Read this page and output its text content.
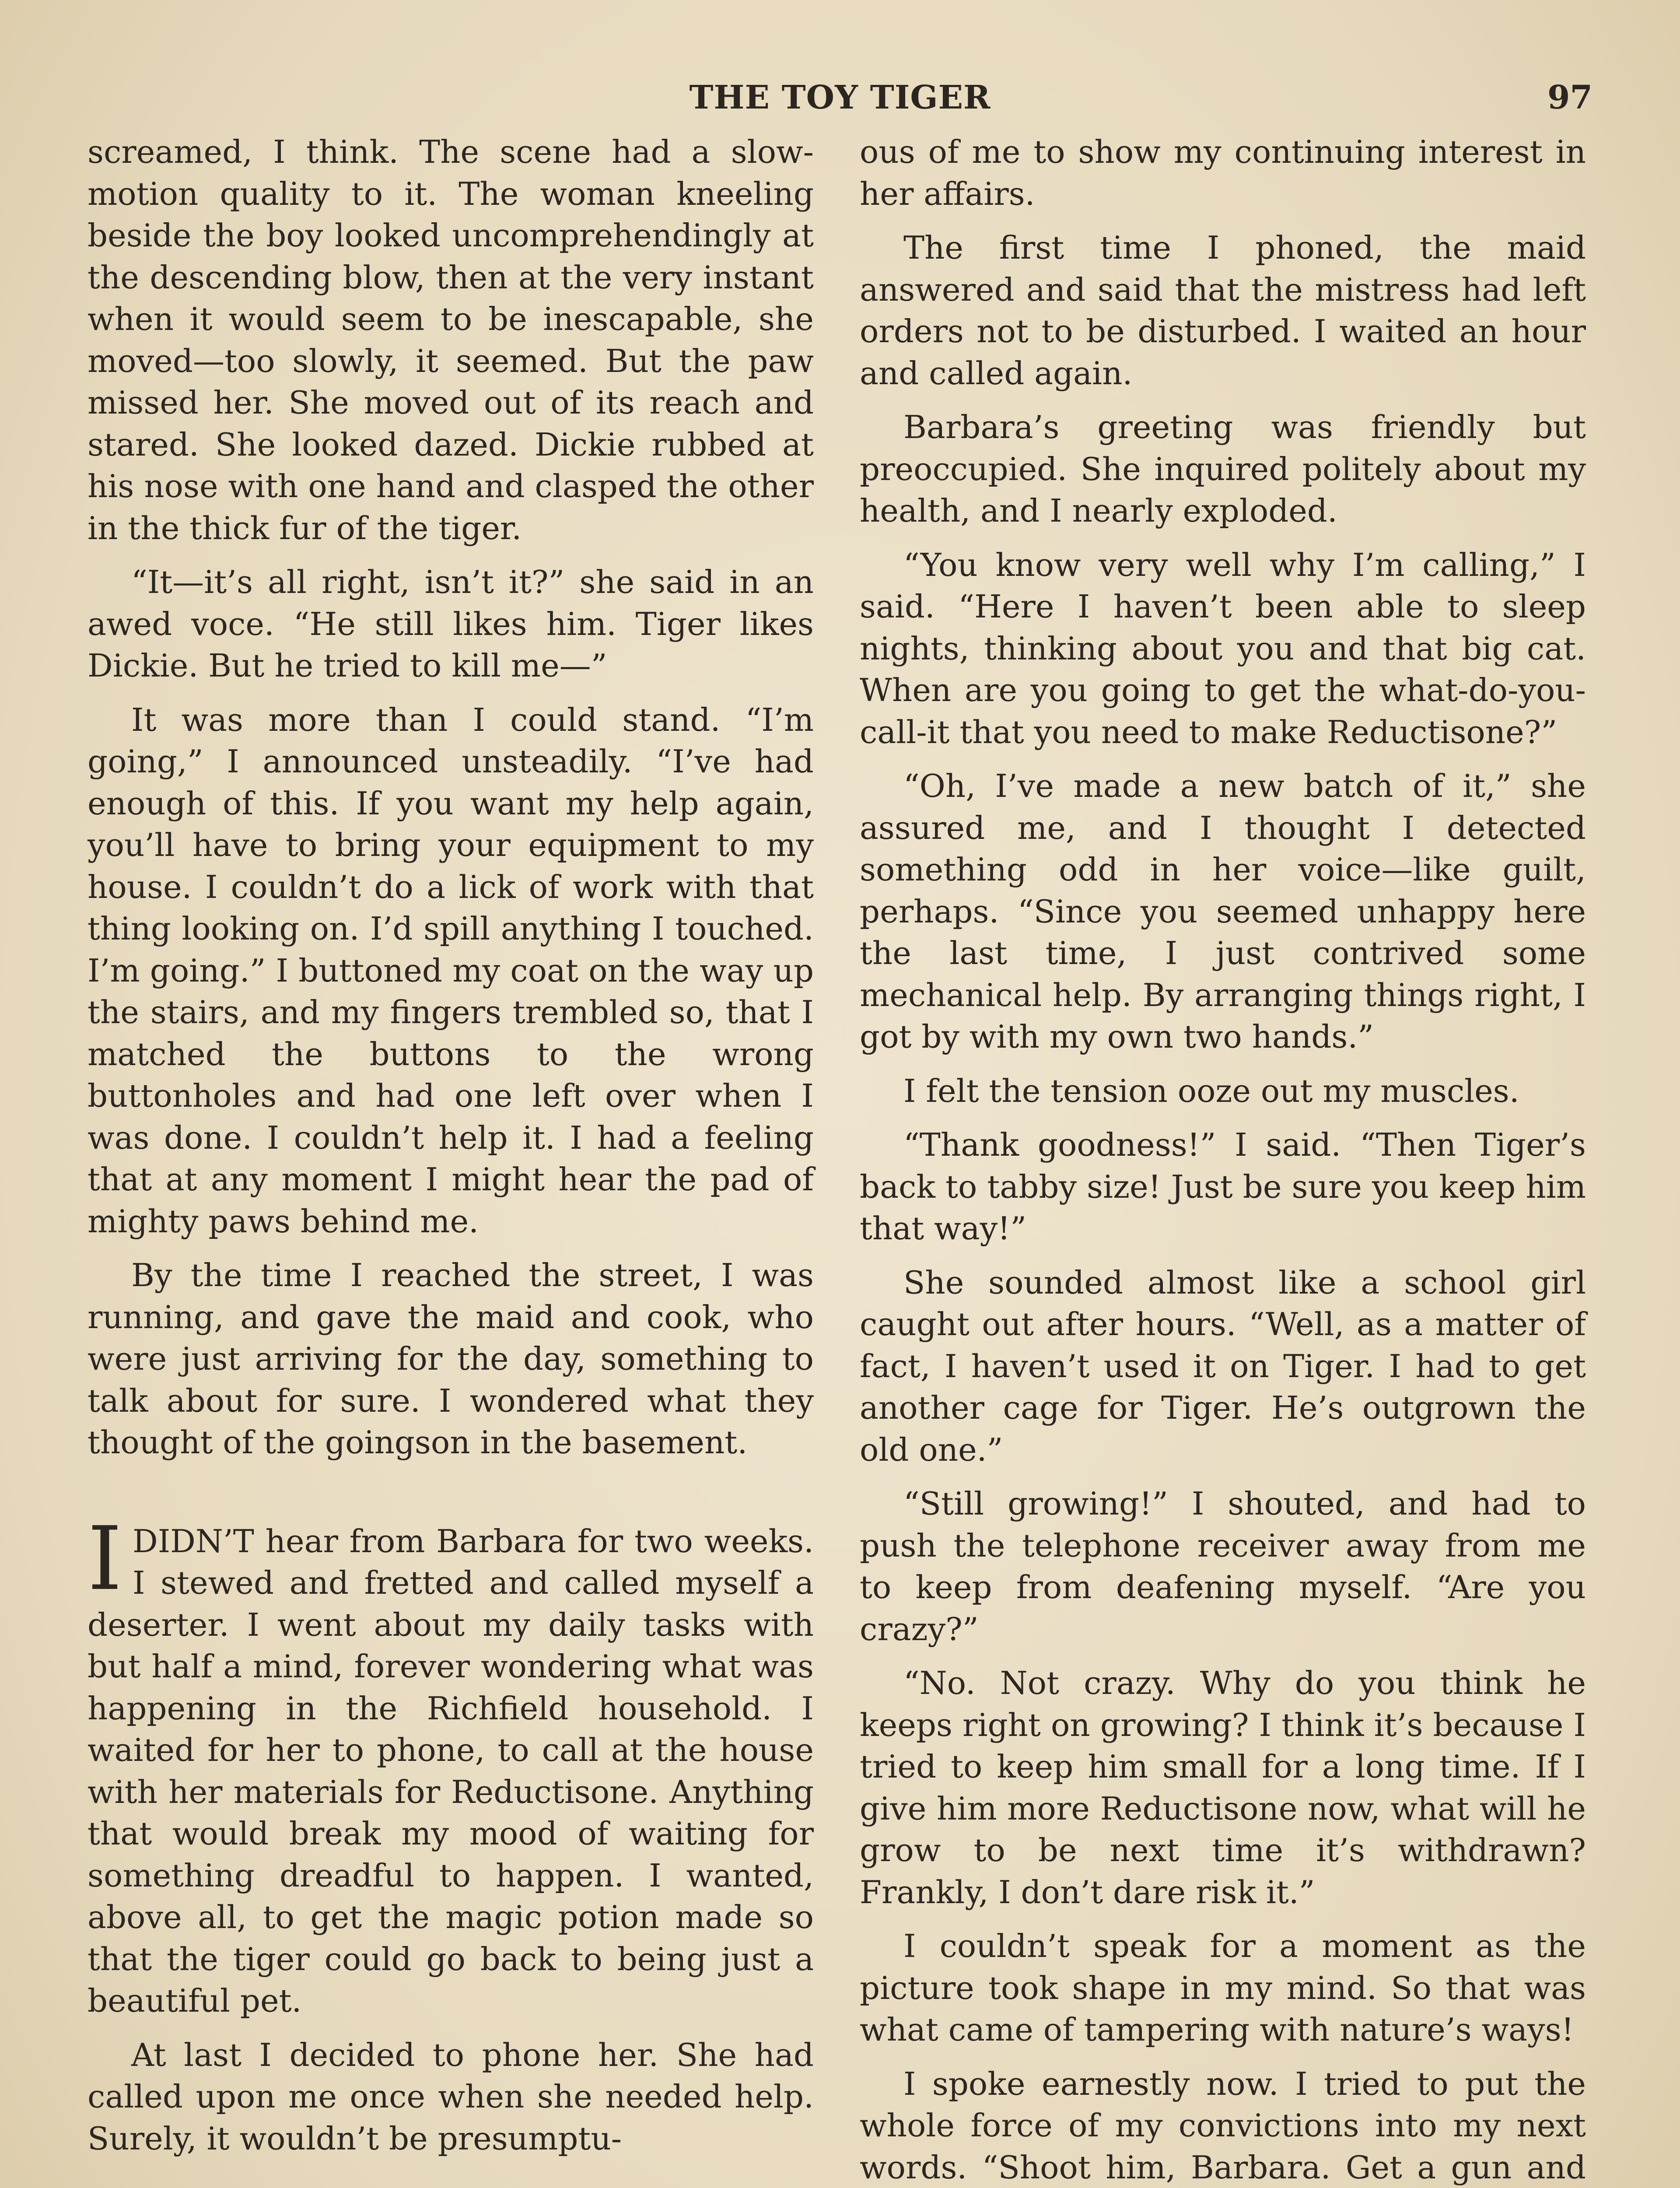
THE TOY TIGER	97

screamed, I think. The scene had a slow-motion quality to it. The woman kneeling beside the boy looked uncomprehendingly at the descending blow, then at the very instant when it would seem to be inescapable, she moved—too slowly, it seemed. But the paw missed her. She moved out of its reach and stared. She looked dazed. Dickie rubbed at his nose with one hand and clasped the other in the thick fur of the tiger.

“It—it’s all right, isn’t it?” she said in an awed voce. “He still likes him. Tiger likes Dickie. But he tried to kill me—”

It was more than I could stand. “I’m going,” I announced unsteadily. “I’ve had enough of this. If you want my help again, you’ll have to bring your equipment to my house. I couldn’t do a lick of work with that thing looking on. I’d spill anything I touched. I’m going.” I buttoned my coat on the way up the stairs, and my fingers trembled so, that I matched the buttons to the wrong buttonholes and had one left over when I was done. I couldn’t help it. I had a feeling that at any moment I might hear the pad of mighty paws behind me.

By the time I reached the street, I was running, and gave the maid and cook, who were just arriving for the day, something to talk about for sure. I wondered what they thought of the goingson in the basement.

IDIDN’T hear from Barbara for two weeks. I stewed and fretted and called myself a deserter. I went about my daily tasks with but half a mind, forever wondering what was happening in the Richfield household. I waited for her to phone, to call at the house with her materials for Reductisone. Anything that would break my mood of waiting for something dreadful to happen. I wanted, above all, to get the magic potion made so that the tiger could go back to being just a beautiful pet.

At last I decided to phone her. She had called upon me once when she needed help. Surely, it wouldn’t be presumptu-

ous of me to show my continuing interest in her affairs.

The first time I phoned, the maid answered and said that the mistress had left orders not to be disturbed. I waited an hour and called again.

Barbara’s greeting was friendly but preoccupied. She inquired politely about my health, and I nearly exploded.

“You know very well why I’m calling,” I said. “Here I haven’t been able to sleep nights, thinking about you and that big cat. When are you going to get the what-do-you-call-it that you need to make Reductisone?”

“Oh, I’ve made a new batch of it,” she assured me, and I thought I detected something odd in her voice—like guilt, perhaps. “Since you seemed unhappy here the last time, I just contrived some mechanical help. By arranging things right, I got by with my own two hands.”

I felt the tension ooze out my muscles.

“Thank goodness!” I said. “Then Tiger’s back to tabby size! Just be sure you keep him that way!”

She sounded almost like a school girl caught out after hours. “Well, as a matter of fact, I haven’t used it on Tiger. I had to get another cage for Tiger. He’s outgrown the old one.”

“Still growing!” I shouted, and had to push the telephone receiver away from me to keep from deafening myself. “Are you crazy?”

“No. Not crazy. Why do you think he keeps right on growing? I think it’s because I tried to keep him small for a long time. If I give him more Reductisone now, what will he grow to be next time it’s withdrawn? Frankly, I don’t dare risk it.”

I couldn’t speak for a moment as the picture took shape in my mind. So that was what came of tampering with nature’s ways!

I spoke earnestly now. I tried to put the whole force of my convictions into my next words. “Shoot him, Barbara. Get a gun and
